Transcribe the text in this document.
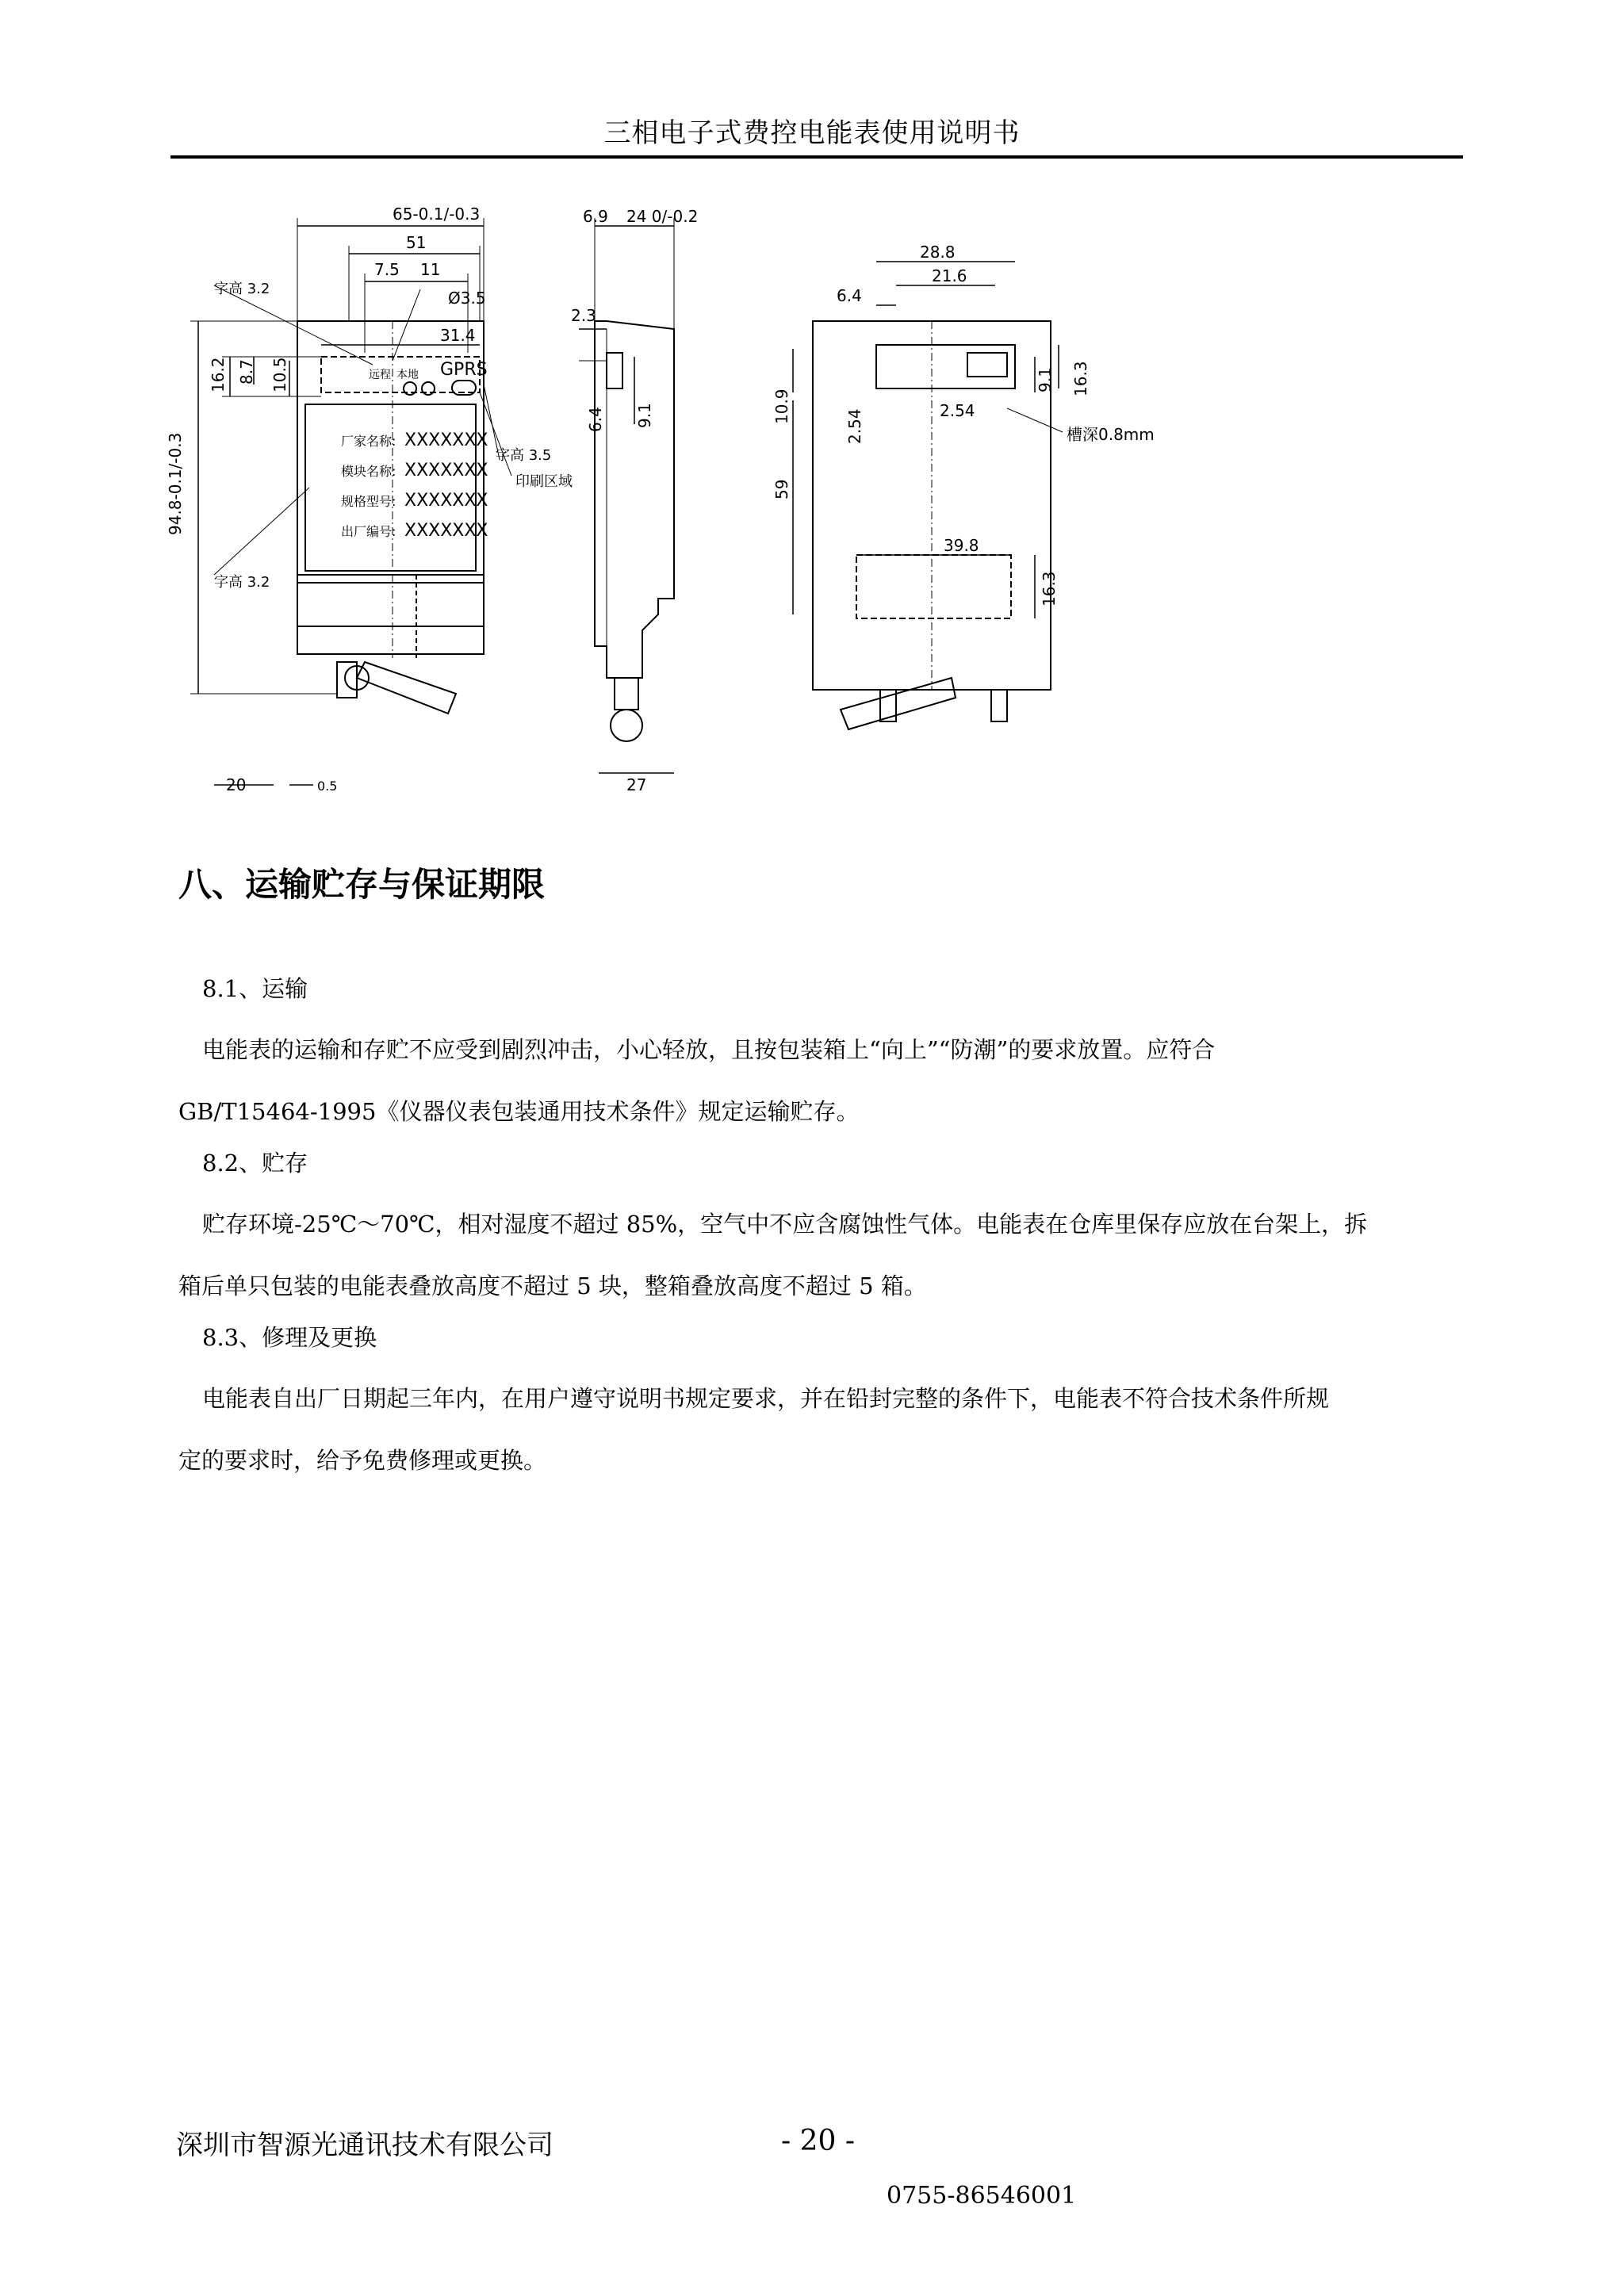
三相电子式费控电能表使用说明书
65-0.1/-0.3
51
7.5 11
Ø3.5
31.4
字高 3.2
字高 3.2
字高 3.5
印刷区域
远程 本地 GPRS
20	0.5
94.8-0.1/-0.3
16.2 8.7 10.5
厂家名称: XXXXXXX
模块名称: XXXXXXX
规格型号: XXXXXXX
出厂编号: XXXXXXX
6.9 24 0/-0.2
2.3
6.4 9.1
27
28.8
21.6
6.4
39.8
2.54
2.54
9.1 16.3
10.9
59
16.3
槽深0.8mm
八、运输贮存与保证期限
8.1、运输
电能表的运输和存贮不应受到剧烈冲击，小心轻放，且按包装箱上“向上”“防潮”的要求放置。应符合
GB/T15464-1995《仪器仪表包装通用技术条件》规定运输贮存。
8.2、贮存
贮存环境-25℃～70℃，相对湿度不超过 85%，空气中不应含腐蚀性气体。电能表在仓库里保存应放在台架上，拆
箱后单只包装的电能表叠放高度不超过 5 块，整箱叠放高度不超过 5 箱。
8.3、修理及更换
电能表自出厂日期起三年内，在用户遵守说明书规定要求，并在铅封完整的条件下，电能表不符合技术条件所规
定的要求时，给予免费修理或更换。
深圳市智源光通讯技术有限公司	- 20 -
0755-86546001
